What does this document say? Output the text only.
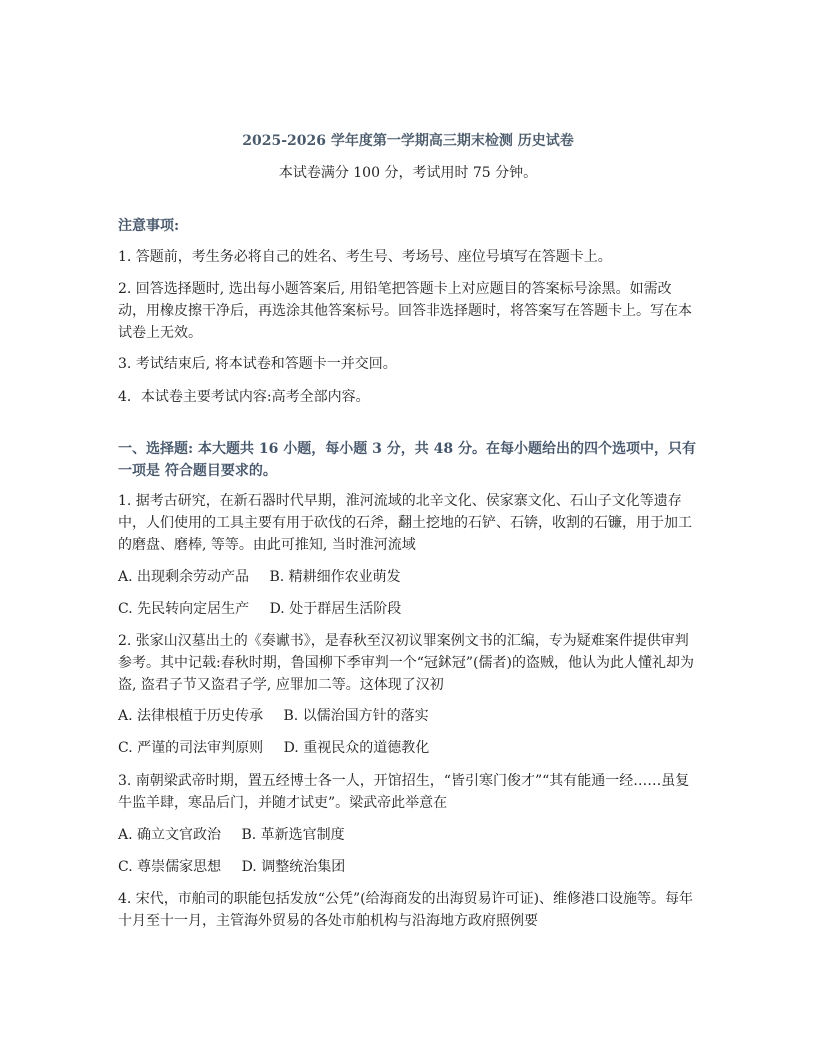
2025-2026 学年度第一学期高三期末检测 历史试卷
本试卷满分 100 分，考试用时 75 分钟。
注意事项:
1. 答题前，考生务必将自己的姓名、考生号、考场号、座位号填写在答题卡上。
2. 回答选择题时, 选出每小题答案后, 用铅笔把答题卡上对应题目的答案标号涂黑。如需改动，用橡皮擦干净后，再选涂其他答案标号。回答非选择题时，将答案写在答题卡上。写在本试卷上无效。
3. 考试结束后, 将本试卷和答题卡一并交回。
4．本试卷主要考试内容:高考全部内容。
一、选择题: 本大题共 16 小题，每小题 3 分，共 48 分。在每小题给出的四个选项中，只有一项是 符合题目要求的。
1. 据考古研究，在新石器时代早期，淮河流域的北辛文化、侯家寨文化、石山子文化等遗存中，人们使用的工具主要有用于砍伐的石斧，翻土挖地的石铲、石锛，收割的石镰，用于加工的磨盘、磨棒, 等等。由此可推知, 当时淮河流域
A. 出现剩余劳动产品 B. 精耕细作农业萌发
C. 先民转向定居生产 D. 处于群居生活阶段
2. 张家山汉墓出土的《奏谳书》，是春秋至汉初议罪案例文书的汇编，专为疑难案件提供审判参考。其中记载:春秋时期，鲁国柳下季审判一个“冠鉥冠”(儒者)的盗贼，他认为此人懂礼却为盗, 盗君子节又盗君子学, 应罪加二等。这体现了汉初
A. 法律根植于历史传承 B. 以儒治国方针的落实
C. 严谨的司法审判原则 D. 重视民众的道德教化
3. 南朝梁武帝时期，置五经博士各一人，开馆招生，“皆引寒门俊才”“其有能通一经……虽复牛监羊肆，寒品后门，并随才试吏”。梁武帝此举意在
A. 确立文官政治 B. 革新选官制度
C. 尊崇儒家思想 D. 调整统治集团
4. 宋代，市舶司的职能包括发放“公凭”(给海商发的出海贸易许可证)、维修港口设施等。每年十月至十一月，主管海外贸易的各处市舶机构与沿海地方政府照例要
